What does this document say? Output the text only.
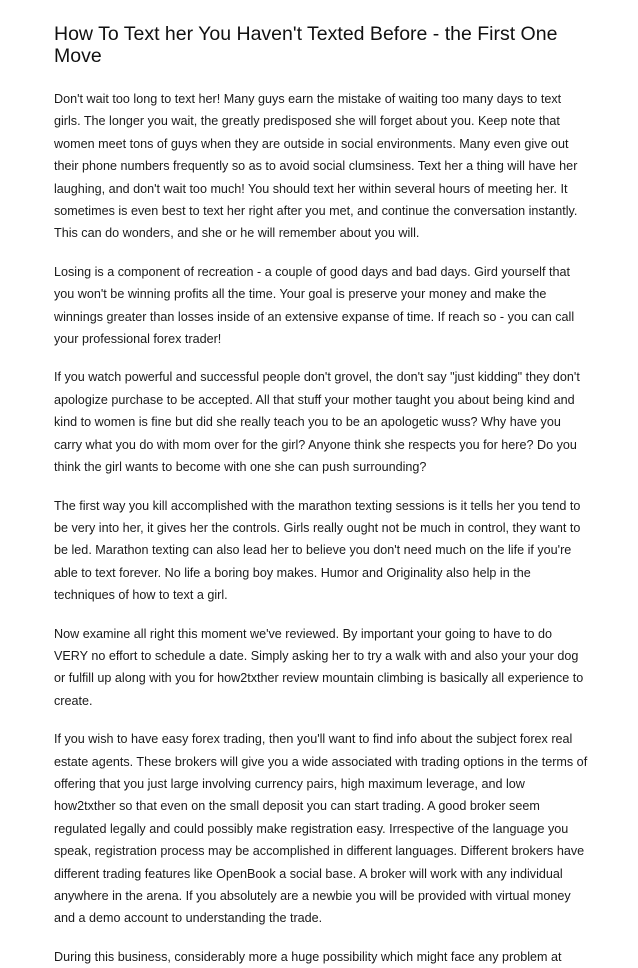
How To Text her You Haven't Texted Before - the First One Move

Don't wait too long to text her! Many guys earn the mistake of waiting too many days to text girls. The longer you wait, the greatly predisposed she will forget about you. Keep note that women meet tons of guys when they are outside in social environments. Many even give out their phone numbers frequently so as to avoid social clumsiness. Text her a thing will have her laughing, and don't wait too much! You should text her within several hours of meeting her. It sometimes is even best to text her right after you met, and continue the conversation instantly. This can do wonders, and she or he will remember about you will.

Losing is a component of recreation - a couple of good days and bad days. Gird yourself that you won't be winning profits all the time. Your goal is preserve your money and make the winnings greater than losses inside of an extensive expanse of time. If reach so - you can call your professional forex trader!

If you watch powerful and successful people don't grovel, the don't say "just kidding" they don't apologize purchase to be accepted. All that stuff your mother taught you about being kind and kind to women is fine but did she really teach you to be an apologetic wuss? Why have you carry what you do with mom over for the girl? Anyone think she respects you for here? Do you think the girl wants to become with one she can push surrounding?

The first way you kill accomplished with the marathon texting sessions is it tells her you tend to be very into her, it gives her the controls. Girls really ought not be much in control, they want to be led. Marathon texting can also lead her to believe you don't need much on the life if you're able to text forever. No life a boring boy makes. Humor and Originality also help in the techniques of how to text a girl.

Now examine all right this moment we've reviewed. By important your going to have to do VERY no effort to schedule a date. Simply asking her to try a walk with and also your your dog or fulfill up along with you for how2txther review mountain climbing is basically all experience to create.

If you wish to have easy forex trading, then you'll want to find info about the subject forex real estate agents. These brokers will give you a wide associated with trading options in the terms of offering that you just large involving currency pairs, high maximum leverage, and low how2txther so that even on the small deposit you can start trading. A good broker seem regulated legally and could possibly make registration easy. Irrespective of the language you speak, registration process may be accomplished in different languages. Different brokers have different trading features like OpenBook a social base. A broker will work with any individual anywhere in the arena. If you absolutely are a newbie you will be provided with virtual money and a demo account to understanding the trade.

During this business, considerably more a huge possibility which might face any problem at
